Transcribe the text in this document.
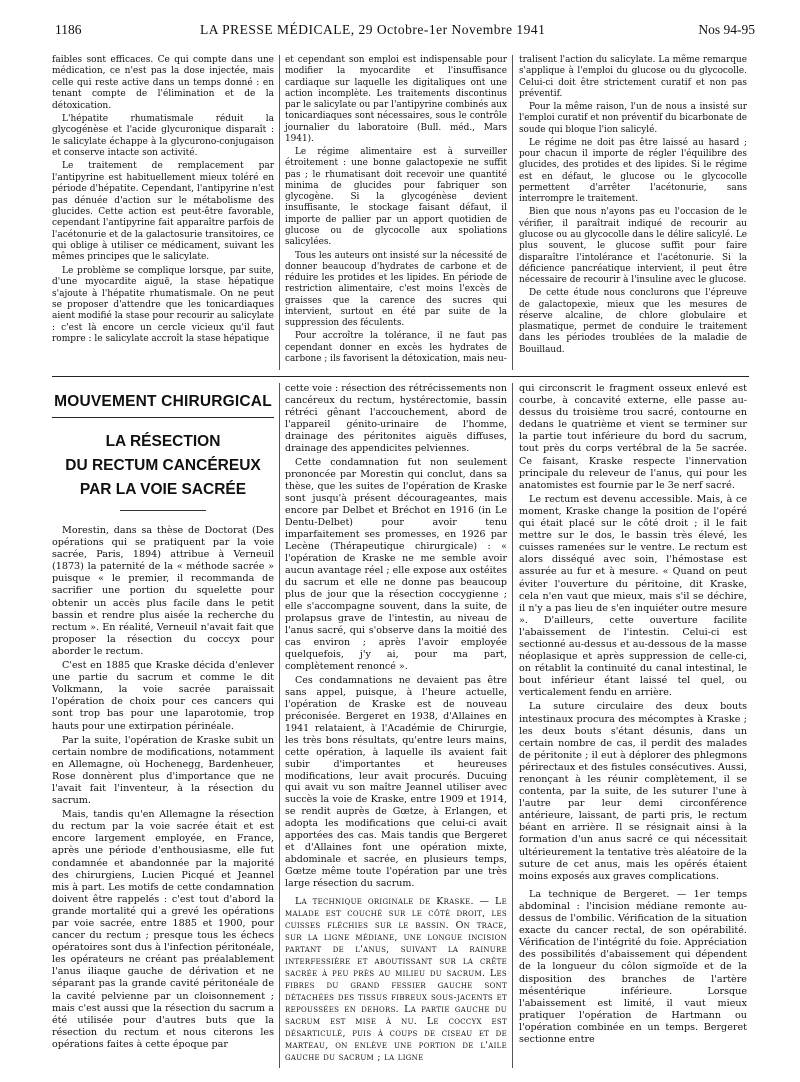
1186	LA PRESSE MÉDICALE, 29 Octobre-1er Novembre 1941	Nos 94-95

faibles sont efficaces. Ce qui compte dans une médication, ce n'est pas la dose injectée, mais celle qui reste active dans un temps donné : en tenant compte de l'élimination et de la détoxication.

L'hépatite rhumatismale réduit la glycogénèse et l'acide glycuronique disparaît : le salicylate échappe à la glycurono-conjugaison et conserve intacte son activité.

Le traitement de remplacement par l'antipyrine est habituellement mieux toléré en période d'hépatite. Cependant, l'antipyrine n'est pas dénuée d'action sur le métabolisme des glucides. Cette action est peut-être favorable, cependant l'antipyrine fait apparaître parfois de l'acétonurie et de la galactosurie transitoires, ce qui oblige à utiliser ce médicament, suivant les mêmes principes que le salicylate.

Le problème se complique lorsque, par suite, d'une myocardite aiguë, la stase hépatique s'ajoute à l'hépatite rhumatismale. On ne peut se proposer d'attendre que les tonicardiaques aient modifié la stase pour recourir au salicylate : c'est là encore un cercle vicieux qu'il faut rompre : le salicylate accroît la stase hépatique

et cependant son emploi est indispensable pour modifier la myocardite et l'insuffisance cardiaque sur laquelle les digitaliques ont une action incomplète. Les traitements discontinus par le salicylate ou par l'antipyrine combinés aux tonicardiaques sont nécessaires, sous le contrôle journalier du laboratoire (Bull. méd., Mars 1941).

Le régime alimentaire est à surveiller étroitement : une bonne galactopexie ne suffit pas ; le rhumatisant doit recevoir une quantité minima de glucides pour fabriquer son glycogène. Si la glycogénèse devient insuffisante, le stockage faisant défaut, il importe de pallier par un apport quotidien de glucose ou de glycocolle aux spoliations salicylées.

Tous les auteurs ont insisté sur la nécessité de donner beaucoup d'hydrates de carbone et de réduire les protides et les lipides. En période de restriction alimentaire, c'est moins l'excès de graisses que la carence des sucres qui intervient, surtout en été par suite de la suppression des féculents.

Pour accroître la tolérance, il ne faut pas cependant donner en excès les hydrates de carbone ; ils favorisent la détoxication, mais neu-

tralisent l'action du salicylate. La même remarque s'applique à l'emploi du glucose ou du glycocolle. Celui-ci doit être strictement curatif et non pas préventif.

Pour la même raison, l'un de nous a insisté sur l'emploi curatif et non préventif du bicarbonate de soude qui bloque l'ion salicylé.

Le régime ne doit pas être laissé au hasard ; pour chacun il importe de régler l'équilibre des glucides, des protides et des lipides. Si le régime est en défaut, le glucose ou le glycocolle permettent d'arrêter l'acétonurie, sans interrompre le traitement.

Bien que nous n'ayons pas eu l'occasion de le vérifier, il paraîtrait indiqué de recourir au glucose ou au glycocolle dans le délire salicylé. Le plus souvent, le glucose suffit pour faire disparaître l'intolérance et l'acétonurie. Si la déficience pancréatique intervient, il peut être nécessaire de recourir à l'insuline avec le glucose.

De cette étude nous conclurons que l'épreuve de galactopexie, mieux que les mesures de réserve alcaline, de chlore globulaire et plasmatique, permet de conduire le traitement dans les périodes troublées de la maladie de Bouillaud.

MOUVEMENT CHIRURGICAL
LA RÉSECTION
DU RECTUM CANCÉREUX
PAR LA VOIE SACRÉE

Morestin, dans sa thèse de Doctorat (Des opérations qui se pratiquent par la voie sacrée, Paris, 1894) attribue à Verneuil (1873) la paternité de la « méthode sacrée » puisque « le premier, il recommanda de sacrifier une portion du squelette pour obtenir un accès plus facile dans le petit bassin et rendre plus aisée la recherche du rectum ». En réalité, Verneuil n'avait fait que proposer la résection du coccyx pour aborder le rectum.

C'est en 1885 que Kraske décida d'enlever une partie du sacrum et comme le dit Volkmann, la voie sacrée paraissait l'opération de choix pour ces cancers qui sont trop bas pour une laparotomie, trop hauts pour une extirpation périnéale.

Par la suite, l'opération de Kraske subit un certain nombre de modifications, notamment en Allemagne, où Hochenegg, Bardenheuer, Rose donnèrent plus d'importance que ne l'avait fait l'inventeur, à la résection du sacrum.

Mais, tandis qu'en Allemagne la résection du rectum par la voie sacrée était et est encore largement employée, en France, après une période d'enthousiasme, elle fut condamnée et abandonnée par la majorité des chirurgiens, Lucien Picqué et Jeannel mis à part. Les motifs de cette condamnation doivent être rappelés : c'est tout d'abord la grande mortalité qui a grevé les opérations par voie sacrée, entre 1885 et 1900, pour cancer du rectum ; presque tous les échecs opératoires sont dus à l'infection péritonéale, les opérateurs ne créant pas préalablement l'anus iliaque gauche de dérivation et ne séparant pas la grande cavité péritonéale de la cavité pelvienne par un cloisonnement ; mais c'est aussi que la résection du sacrum a été utilisée pour d'autres buts que la résection du rectum et nous citerons les opérations faites à cette époque par

cette voie : résection des rétrécissements non cancéreux du rectum, hystérectomie, bassin rétréci gênant l'accouchement, abord de l'appareil génito-urinaire de l'homme, drainage des péritonites aiguës diffuses, drainage des appendicites pelviennes.

Cette condamnation fut non seulement prononcée par Morestin qui conclut, dans sa thèse, que les suites de l'opération de Kraske sont jusqu'à présent décourageantes, mais encore par Delbet et Bréchot en 1916 (in Le Dentu-Delbet) pour avoir tenu imparfaitement ses promesses, en 1926 par Lecène (Thérapeutique chirurgicale) : « l'opération de Kraske ne me semble avoir aucun avantage réel ; elle expose aux ostéites du sacrum et elle ne donne pas beaucoup plus de jour que la résection coccygienne ; elle s'accompagne souvent, dans la suite, de prolapsus grave de l'intestin, au niveau de l'anus sacré, qui s'observe dans la moitié des cas environ ; après l'avoir employée quelquefois, j'y ai, pour ma part, complètement renoncé ».

Ces condamnations ne devaient pas être sans appel, puisque, à l'heure actuelle, l'opération de Kraske est de nouveau préconisée. Bergeret en 1938, d'Allaines en 1941 relataient, à l'Académie de Chirurgie, les très bons résultats, qu'entre leurs mains, cette opération, à laquelle ils avaient fait subir d'importantes et heureuses modifications, leur avait procurés. Ducuing qui avait vu son maître Jeannel utiliser avec succès la voie de Kraske, entre 1909 et 1914, se rendit auprès de Gœtze, à Erlangen, et adopta les modifications que celui-ci avait apportées des cas. Mais tandis que Bergeret et d'Allaines font une opération mixte, abdominale et sacrée, en plusieurs temps, Gœtze même toute l'opération par une très large résection du sacrum.

La technique originale de Kraske. — Le malade est couché sur le côté droit, les cuisses fléchies sur le bassin. On trace, sur la ligne médiane, une longue incision partant de l'anus, suivant la rainure interfessière et aboutissant sur la crête sacrée à peu près au milieu du sacrum. Les fibres du grand fessier gauche sont détachées des tissus fibreux sous-jacents et repoussées en dehors. La partie gauche du sacrum est mise à nu. Le coccyx est désarticulé, puis à coups de ciseau et de marteau, on enlève une portion de l'aile gauche du sacrum ; la ligne

qui circonscrit le fragment osseux enlevé est courbe, à concavité externe, elle passe au-dessus du troisième trou sacré, contourne en dedans le quatrième et vient se terminer sur la partie tout inférieure du bord du sacrum, tout près du corps vertébral de la 5e sacrée. Ce faisant, Kraske respecte l'innervation principale du releveur de l'anus, qui pour les anatomistes est fournie par le 3e nerf sacré.

Le rectum est devenu accessible. Mais, à ce moment, Kraske change la position de l'opéré qui était placé sur le côté droit ; il le fait mettre sur le dos, le bassin très élevé, les cuisses ramenées sur le ventre. Le rectum est alors disséqué avec soin, l'hémostase est assurée au fur et à mesure. « Quand on peut éviter l'ouverture du péritoine, dit Kraske, cela n'en vaut que mieux, mais s'il se déchire, il n'y a pas lieu de s'en inquiéter outre mesure ». D'ailleurs, cette ouverture facilite l'abaissement de l'intestin. Celui-ci est sectionné au-dessus et au-dessous de la masse néoplasique et après suppression de celle-ci, on rétablit la continuité du canal intestinal, le bout inférieur étant laissé tel quel, ou verticalement fendu en arrière.

La suture circulaire des deux bouts intestinaux procura des mécomptes à Kraske ; les deux bouts s'étant désunis, dans un certain nombre de cas, il perdit des malades de péritonite ; il eut à déplorer des phlegmons périrectaux et des fistules consécutives. Aussi, renonçant à les réunir complètement, il se contenta, par la suite, de les suturer l'une à l'autre par leur demi circonférence antérieure, laissant, de parti pris, le rectum béant en arrière. Il se résignait ainsi à la formation d'un anus sacré ce qui nécessitait ultérieurement la tentative très aléatoire de la suture de cet anus, mais les opérés étaient moins exposés aux graves complications.

La technique de Bergeret. — 1er temps abdominal : l'incision médiane remonte au-dessus de l'ombilic. Vérification de la situation exacte du cancer rectal, de son opérabilité. Vérification de l'intégrité du foie. Appréciation des possibilités d'abaissement qui dépendent de la longueur du côlon sigmoïde et de la disposition des branches de l'artère mésentérique inférieure. Lorsque l'abaissement est limité, il vaut mieux pratiquer l'opération de Hartmann ou l'opération combinée en un temps. Bergeret sectionne entre
